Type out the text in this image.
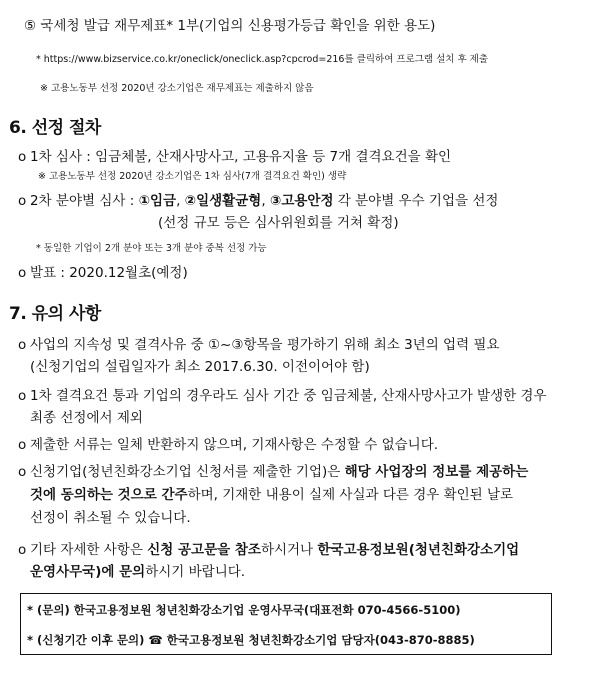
⑤ 국세청 발급 재무제표* 1부(기업의 신용평가등급 확인을 위한 용도)
* https://www.bizservice.co.kr/oneclick/oneclick.asp?cpcrod=216를 클릭하여 프로그램 설치 후 제출
※ 고용노동부 선정 2020년 강소기업은 재무제표는 제출하지 않음
6. 선정 절차
o 1차 심사 : 임금체불, 산재사망사고, 고용유지율 등 7개 결격요건을 확인
※ 고용노동부 선정 2020년 강소기업은 1차 심사(7개 결격요건 확인) 생략
o 2차 분야별 심사 : ①임금, ②일생활균형, ③고용안정 각 분야별 우수 기업을 선정
(선정 규모 등은 심사위원회를 거쳐 확정)
* 동일한 기업이 2개 분야 또는 3개 분야 중복 선정 가능
o 발표 : 2020.12월초(예정)
7. 유의 사항
o 사업의 지속성 및 결격사유 중 ①~③항목을 평가하기 위해 최소 3년의 업력 필요
(신청기업의 설립일자가 최소 2017.6.30. 이전이어야 함)
o 1차 결격요건 통과 기업의 경우라도 심사 기간 중 임금체불, 산재사망사고가 발생한 경우
최종 선정에서 제외
o 제출한 서류는 일체 반환하지 않으며, 기재사항은 수정할 수 없습니다.
o 신청기업(청년친화강소기업 신청서를 제출한 기업)은 해당 사업장의 정보를 제공하는
것에 동의하는 것으로 간주하며, 기재한 내용이 실제 사실과 다른 경우 확인된 날로
선정이 취소될 수 있습니다.
o 기타 자세한 사항은 신청 공고문을 참조하시거나 한국고용정보원(청년친화강소기업
운영사무국)에 문의하시기 바랍니다.
* (문의) 한국고용정보원 청년친화강소기업 운영사무국(대표전화 070-4566-5100)
* (신청기간 이후 문의) ☎ 한국고용정보원 청년친화강소기업 담당자(043-870-8885)
